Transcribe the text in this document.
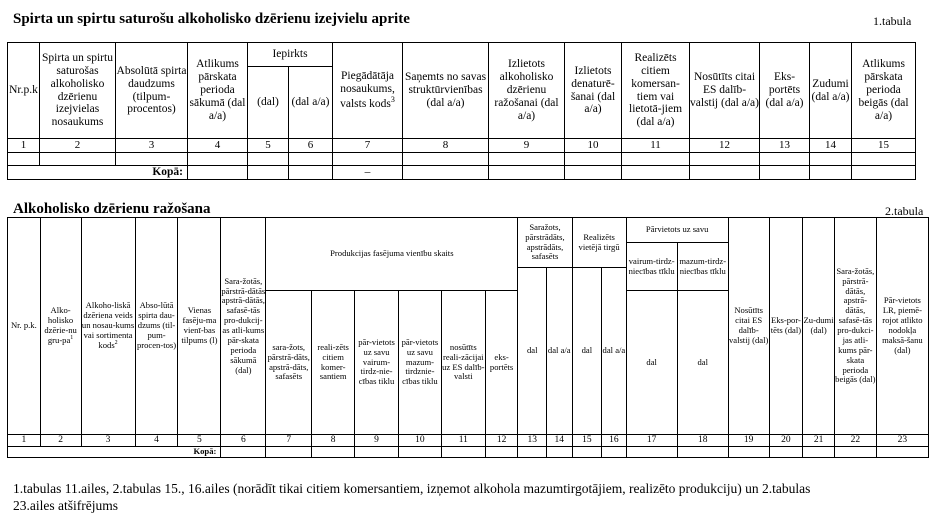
Spirta un spirtu saturošu alkoholisko dzērienu izejvielu aprite	1.tabula
Nr.p.k	Spirta un spirtu saturošas alkoholisko dzērienu izejvielas nosaukums	Absolūtā spirta daudzums (tilpum-procentos)	Atlikums pārskata perioda sākumā (dal a/a)	Iepirkts		Piegādātāja nosaukums, valsts kods$^3$	Saņemts no savas struktūrvienības (dal a/a)	Izlietots alkoholisko dzērienu ražošanai (dal a/a)	Izlietots denaturē-šanai (dal a/a)	Realizēts citiem komersan-tiem vai lietotā-jiem (dal a/a)	Nosūtīts citai ES dalīb-valstij (dal a/a)	Eks-portēts (dal a/a)	Zudumi (dal a/a)	Atlikums pārskata perioda beigās (dal a/a)
				(dal)	(dal a/a)									
1	2	3	4	5	6	7	8	9	10	11	12	13	14	15

Kopā:						–								
Alkoholisko dzērienu ražošana	2.tabula
Nr. p.k.	Alko-holisko dzērie-nu gru-$pa^1$	Alkoho-liskā dzēriena veids un nosau-kums vai sortimenta kods$^2$	Abso-lūtā spirta dau-dzums (til-pum-procen-tos)	Vienas fasēju-ma vienī-bas tilpums (l)	Sara-žotās, pārstrā-dātās apstrā-dātās, safasē-tās pro-dukcij-as atli-kums pār-skata perioda sākumā (dal)	Produkcijas fasējuma vienību skaits						Saražots, pārstrādāts, apstrādāts, safasēts		Realizēts vietējā tirgū		Pārvietots uz savu		Nosūtīts citai ES dalīb-valstij (dal)	Eks-por-tēts (dal)	Zu-dumi (dal)	Sara-žotās, pārstrā-dātās, apstrā-dātās, safasē-tās pro-dukci-jas atli-kums pār-skata perioda beigās (dal)	Pār-vietots LR, piemē-rojot atlikto nodokļa maksā-šanu (dal)
																vairum-tirdz-niecības tīklu	mazum-tirdz-niecības tīklu					
												dal	dal a/a	dal	dal a/a							
						sara-žots, pārstrā-dāts, apstrā-dāts, safasēts	reali-zēts citiem komer-santiem	pār-vietots uz savu vairum-tirdz-nie-cības tiklu	pār-vietots uz savu mazum-tirdznie-cības tiklu	nosūtīts reali-zācijai uz ES dalīb-valsti	eks-portēts					dal	dal					
1	2	3	4	5	6	7	8	9	10	11	12	13	14	15	16	17	18	19	20	21	22	23
Kopā:																						
1.tabulas 11.ailes, 2.tabulas 15., 16.ailes (norādīt tikai citiem komersantiem, izņemot alkohola mazumtirgotājiem, realizēto produkciju) un 2.tabulas
23.ailes atšifrējums
